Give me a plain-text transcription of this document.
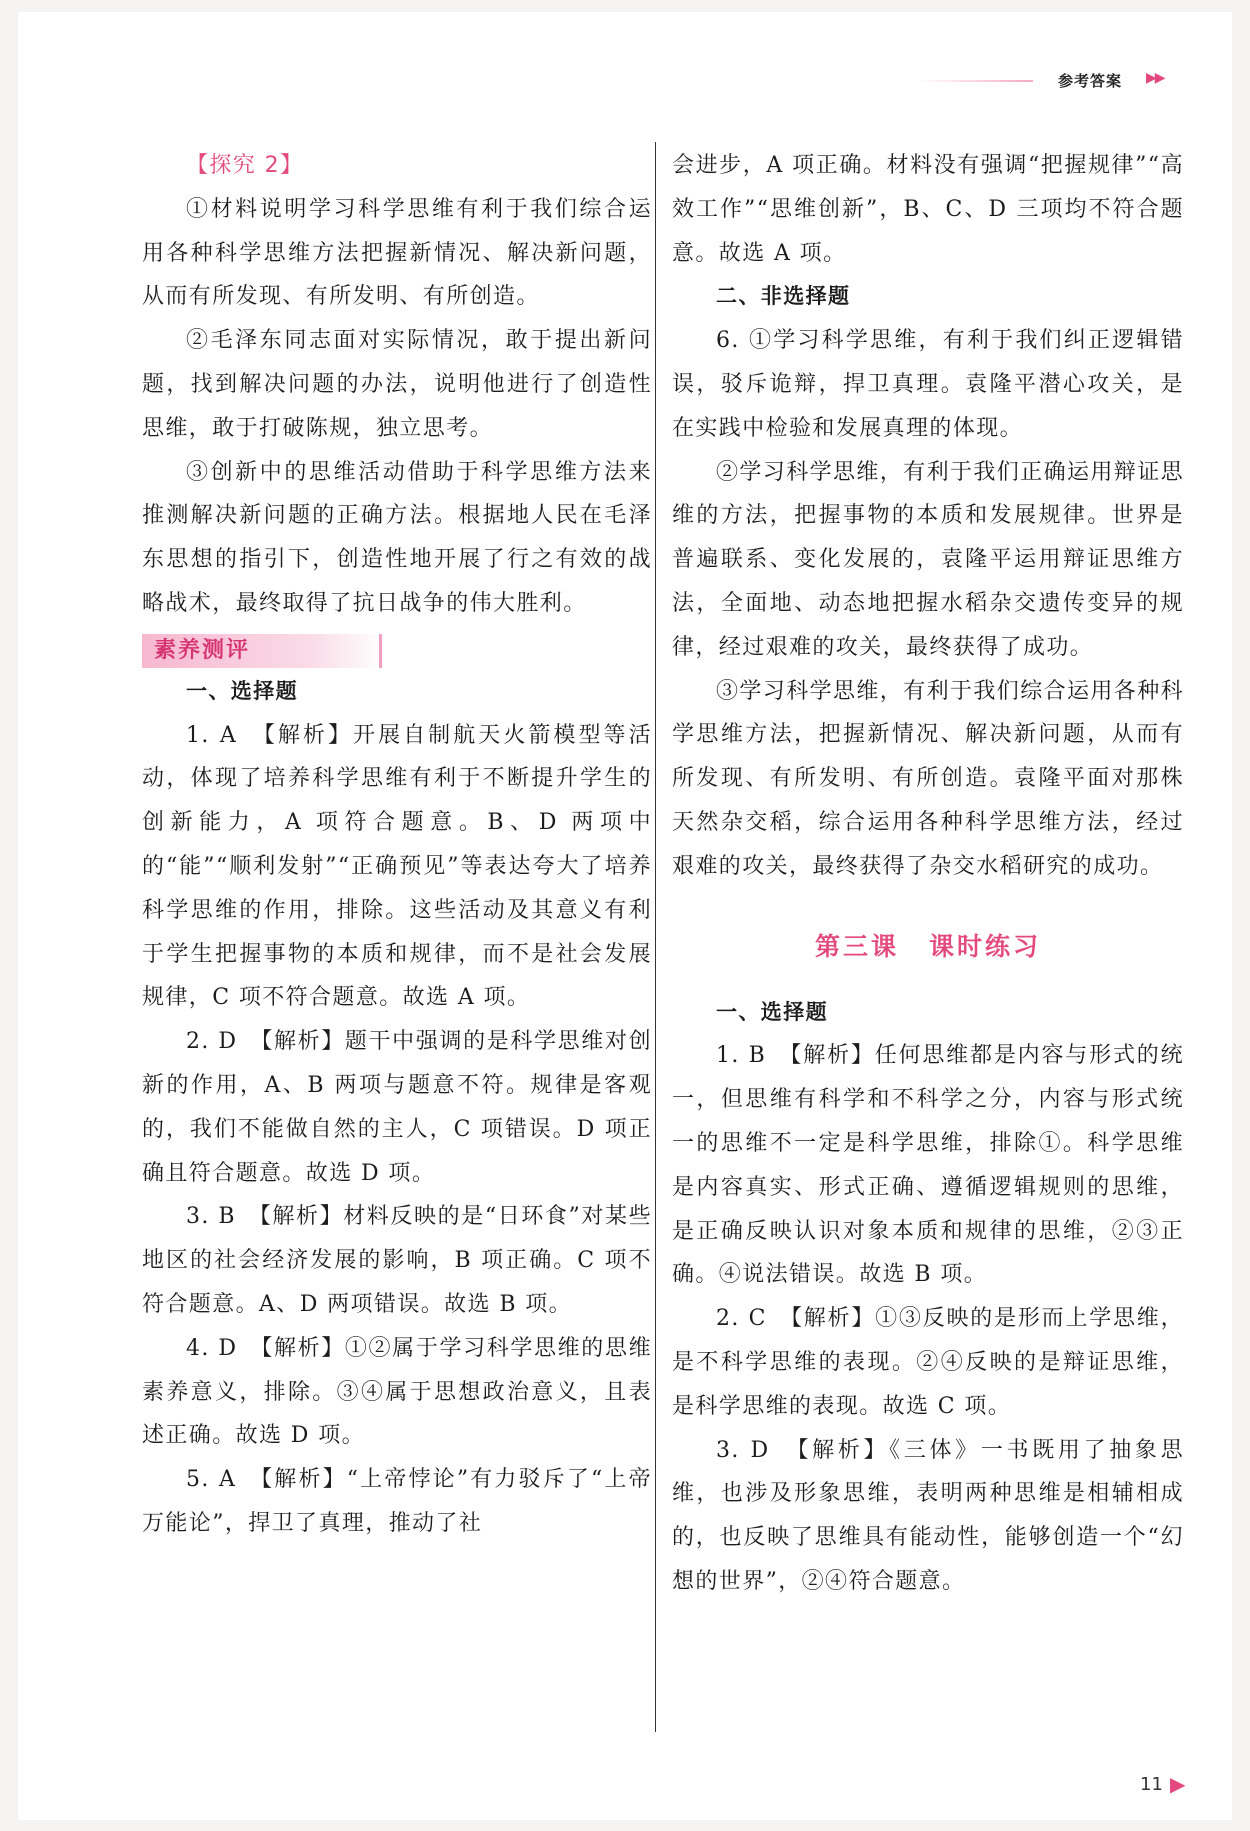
参考答案 ▶▶

【探究 2】

①材料说明学习科学思维有利于我们综合运用各种科学思维方法把握新情况、解决新问题，从而有所发现、有所发明、有所创造。

②毛泽东同志面对实际情况，敢于提出新问题，找到解决问题的办法，说明他进行了创造性思维，敢于打破陈规，独立思考。

③创新中的思维活动借助于科学思维方法来推测解决新问题的正确方法。根据地人民在毛泽东思想的指引下，创造性地开展了行之有效的战略战术，最终取得了抗日战争的伟大胜利。

素养测评

一、选择题

1. A　【解析】开展自制航天火箭模型等活动，体现了培养科学思维有利于不断提升学生的创新能力，A 项符合题意。B、D 两项中的“能”“顺利发射”“正确预见”等表达夸大了培养科学思维的作用，排除。这些活动及其意义有利于学生把握事物的本质和规律，而不是社会发展规律，C 项不符合题意。故选 A 项。

2. D　【解析】题干中强调的是科学思维对创新的作用，A、B 两项与题意不符。规律是客观的，我们不能做自然的主人，C 项错误。D 项正确且符合题意。故选 D 项。

3. B　【解析】材料反映的是“日环食”对某些地区的社会经济发展的影响，B 项正确。C 项不符合题意。A、D 两项错误。故选 B 项。

4. D　【解析】①②属于学习科学思维的思维素养意义，排除。③④属于思想政治意义，且表述正确。故选 D 项。

5. A　【解析】“上帝悖论”有力驳斥了“上帝万能论”，捍卫了真理，推动了社

会进步，A 项正确。材料没有强调“把握规律”“高效工作”“思维创新”，B、C、D 三项均不符合题意。故选 A 项。

二、非选择题

6. ①学习科学思维，有利于我们纠正逻辑错误，驳斥诡辩，捍卫真理。袁隆平潜心攻关，是在实践中检验和发展真理的体现。

②学习科学思维，有利于我们正确运用辩证思维的方法，把握事物的本质和发展规律。世界是普遍联系、变化发展的，袁隆平运用辩证思维方法，全面地、动态地把握水稻杂交遗传变异的规律，经过艰难的攻关，最终获得了成功。

③学习科学思维，有利于我们综合运用各种科学思维方法，把握新情况、解决新问题，从而有所发现、有所发明、有所创造。袁隆平面对那株天然杂交稻，综合运用各种科学思维方法，经过艰难的攻关，最终获得了杂交水稻研究的成功。

第三课 课时练习

一、选择题

1. B　【解析】任何思维都是内容与形式的统一，但思维有科学和不科学之分，内容与形式统一的思维不一定是科学思维，排除①。科学思维是内容真实、形式正确、遵循逻辑规则的思维，是正确反映认识对象本质和规律的思维，②③正确。④说法错误。故选 B 项。

2. C　【解析】①③反映的是形而上学思维，是不科学思维的表现。②④反映的是辩证思维，是科学思维的表现。故选 C 项。

3. D　【解析】《三体》一书既用了抽象思维，也涉及形象思维，表明两种思维是相辅相成的，也反映了思维具有能动性，能够创造一个“幻想的世界”，②④符合题意。

11 ▶
